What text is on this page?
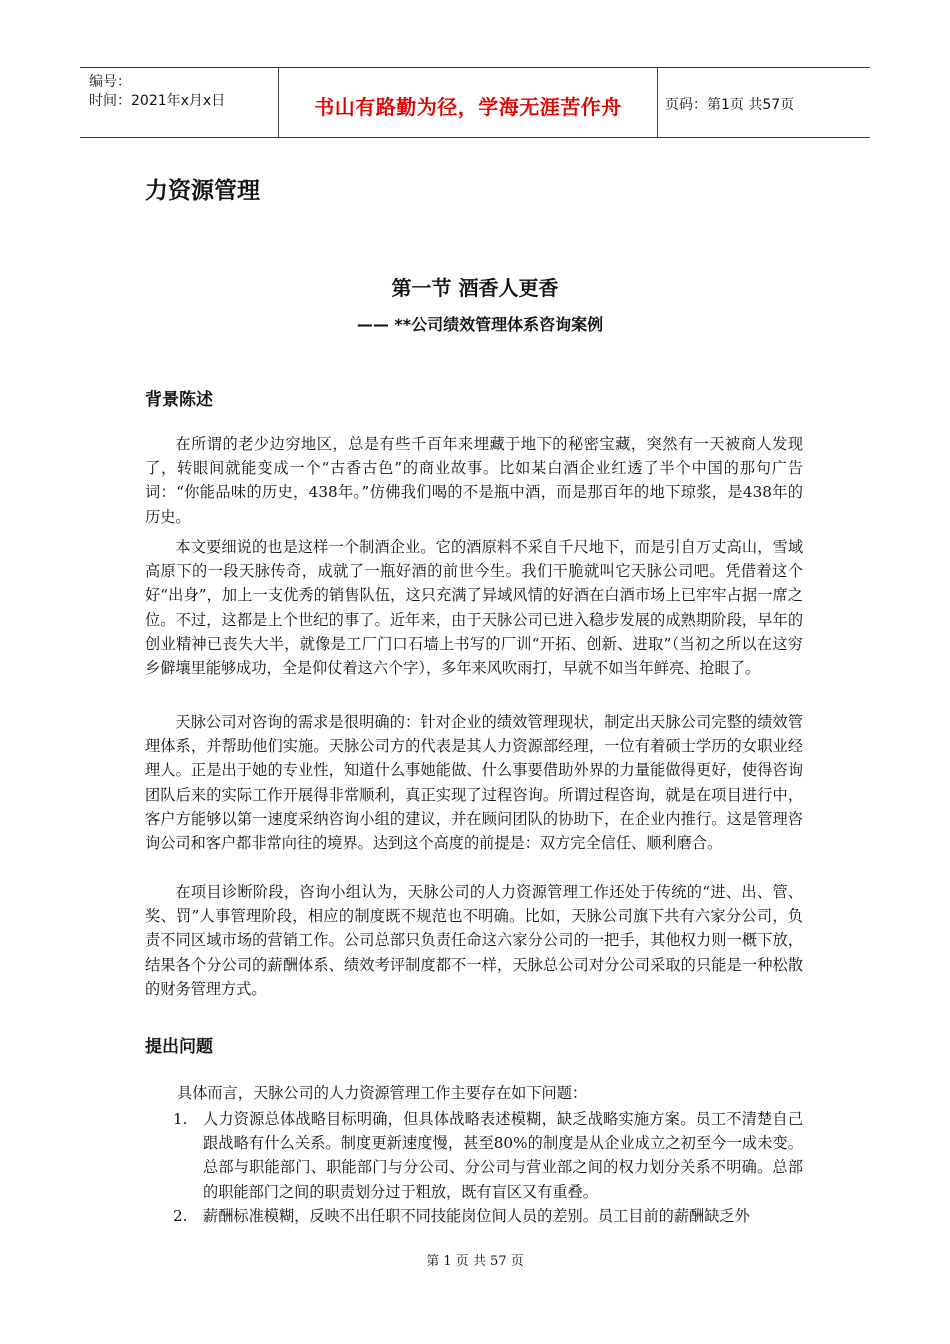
编号：
时间：2021年x月x日	书山有路勤为径，学海无涯苦作舟	页码：第1页 共57页
力资源管理
第一节 酒香人更香
—— **公司绩效管理体系咨询案例
背景陈述

在所谓的老少边穷地区，总是有些千百年来埋藏于地下的秘密宝藏，突然有一天被商人发现了，转眼间就能变成一个“古香古色”的商业故事。比如某白酒企业红透了半个中国的那句广告词：“你能品味的历史，438年。”仿佛我们喝的不是瓶中酒，而是那百年的地下琼浆，是438年的历史。

本文要细说的也是这样一个制酒企业。它的酒原料不采自千尺地下，而是引自万丈高山，雪域高原下的一段天脉传奇，成就了一瓶好酒的前世今生。我们干脆就叫它天脉公司吧。凭借着这个好“出身”，加上一支优秀的销售队伍，这只充满了异域风情的好酒在白酒市场上已牢牢占据一席之位。不过，这都是上个世纪的事了。近年来，由于天脉公司已进入稳步发展的成熟期阶段，早年的创业精神已丧失大半，就像是工厂门口石墙上书写的厂训“开拓、创新、进取”（当初之所以在这穷乡僻壤里能够成功，全是仰仗着这六个字），多年来风吹雨打，早就不如当年鲜亮、抢眼了。

天脉公司对咨询的需求是很明确的：针对企业的绩效管理现状，制定出天脉公司完整的绩效管理体系，并帮助他们实施。天脉公司方的代表是其人力资源部经理，一位有着硕士学历的女职业经理人。正是出于她的专业性，知道什么事她能做、什么事要借助外界的力量能做得更好，使得咨询团队后来的实际工作开展得非常顺利，真正实现了过程咨询。所谓过程咨询，就是在项目进行中，客户方能够以第一速度采纳咨询小组的建议，并在顾问团队的协助下，在企业内推行。这是管理咨询公司和客户都非常向往的境界。达到这个高度的前提是：双方完全信任、顺利磨合。

在项目诊断阶段，咨询小组认为，天脉公司的人力资源管理工作还处于传统的“进、出、管、奖、罚”人事管理阶段，相应的制度既不规范也不明确。比如，天脉公司旗下共有六家分公司，负责不同区域市场的营销工作。公司总部只负责任命这六家分公司的一把手，其他权力则一概下放，结果各个分公司的薪酬体系、绩效考评制度都不一样，天脉总公司对分公司采取的只能是一种松散的财务管理方式。

提出问题
具体而言，天脉公司的人力资源管理工作主要存在如下问题：
1. 人力资源总体战略目标明确，但具体战略表述模糊，缺乏战略实施方案。员工不清楚自己跟战略有什么关系。制度更新速度慢，甚至80%的制度是从企业成立之初至今一成未变。总部与职能部门、职能部门与分公司、分公司与营业部之间的权力划分关系不明确。总部的职能部门之间的职责划分过于粗放，既有盲区又有重叠。
2. 薪酬标准模糊，反映不出任职不同技能岗位间人员的差别。员工目前的薪酬缺乏外
第 1 页 共 57 页
